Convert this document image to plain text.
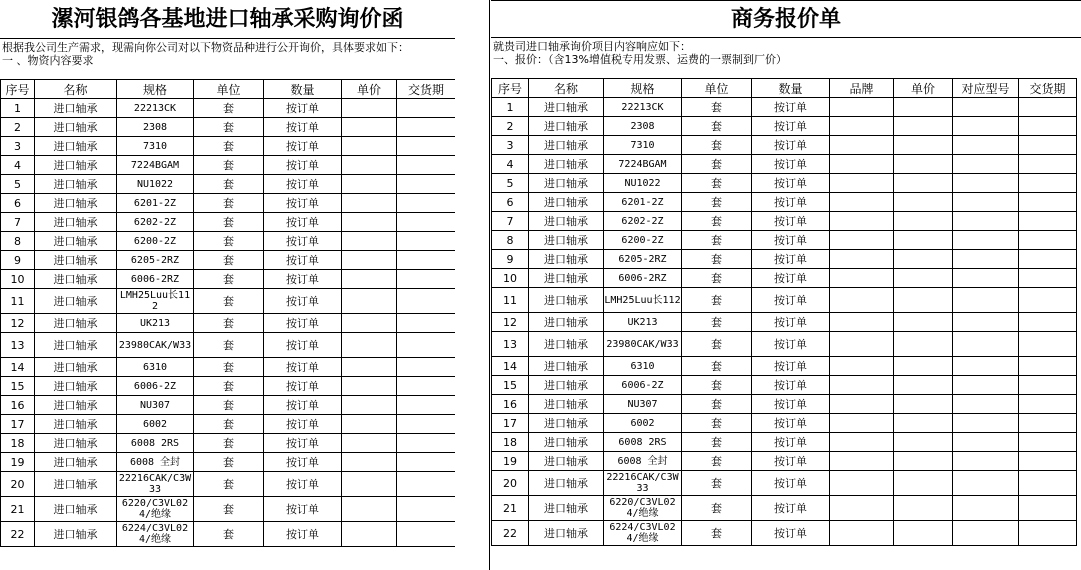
漯河银鸽各基地进口轴承采购询价函
根据我公司生产需求，现需向你公司对以下物资品种进行公开询价，具体要求如下：
一 、物资内容要求
序号	名称	规格	单位	数量	单价	交货期
1	进口轴承	22213CK	套	按订单		
2	进口轴承	2308	套	按订单		
3	进口轴承	7310	套	按订单		
4	进口轴承	7224BGAM	套	按订单		
5	进口轴承	NU1022	套	按订单		
6	进口轴承	6201-2Z	套	按订单		
7	进口轴承	6202-2Z	套	按订单		
8	进口轴承	6200-2Z	套	按订单		
9	进口轴承	6205-2RZ	套	按订单		
10	进口轴承	6006-2RZ	套	按订单		
11	进口轴承	LMH25Luu长112	套	按订单		
12	进口轴承	UK213	套	按订单		
13	进口轴承	23980CAK/W33	套	按订单		
14	进口轴承	6310	套	按订单		
15	进口轴承	6006-2Z	套	按订单		
16	进口轴承	NU307	套	按订单		
17	进口轴承	6002	套	按订单		
18	进口轴承	6008 2RS	套	按订单		
19	进口轴承	6008 全封	套	按订单		
20	进口轴承	22216CAK/C3W33	套	按订单		
21	进口轴承	6220/C3VL024/绝缘	套	按订单		
22	进口轴承	6224/C3VL024/绝缘	套	按订单		
商务报价单
就贵司进口轴承询价项目内容响应如下：
一、报价：（含13%增值税专用发票、运费的一票制到厂价）
序号	名称	规格	单位	数量	品牌	单价	对应型号	交货期
1	进口轴承	22213CK	套	按订单				
2	进口轴承	2308	套	按订单				
3	进口轴承	7310	套	按订单				
4	进口轴承	7224BGAM	套	按订单				
5	进口轴承	NU1022	套	按订单				
6	进口轴承	6201-2Z	套	按订单				
7	进口轴承	6202-2Z	套	按订单				
8	进口轴承	6200-2Z	套	按订单				
9	进口轴承	6205-2RZ	套	按订单				
10	进口轴承	6006-2RZ	套	按订单				
11	进口轴承	LMH25Luu长112	套	按订单				
12	进口轴承	UK213	套	按订单				
13	进口轴承	23980CAK/W33	套	按订单				
14	进口轴承	6310	套	按订单				
15	进口轴承	6006-2Z	套	按订单				
16	进口轴承	NU307	套	按订单				
17	进口轴承	6002	套	按订单				
18	进口轴承	6008 2RS	套	按订单				
19	进口轴承	6008 全封	套	按订单				
20	进口轴承	22216CAK/C3W33	套	按订单				
21	进口轴承	6220/C3VL024/绝缘	套	按订单				
22	进口轴承	6224/C3VL024/绝缘	套	按订单				
